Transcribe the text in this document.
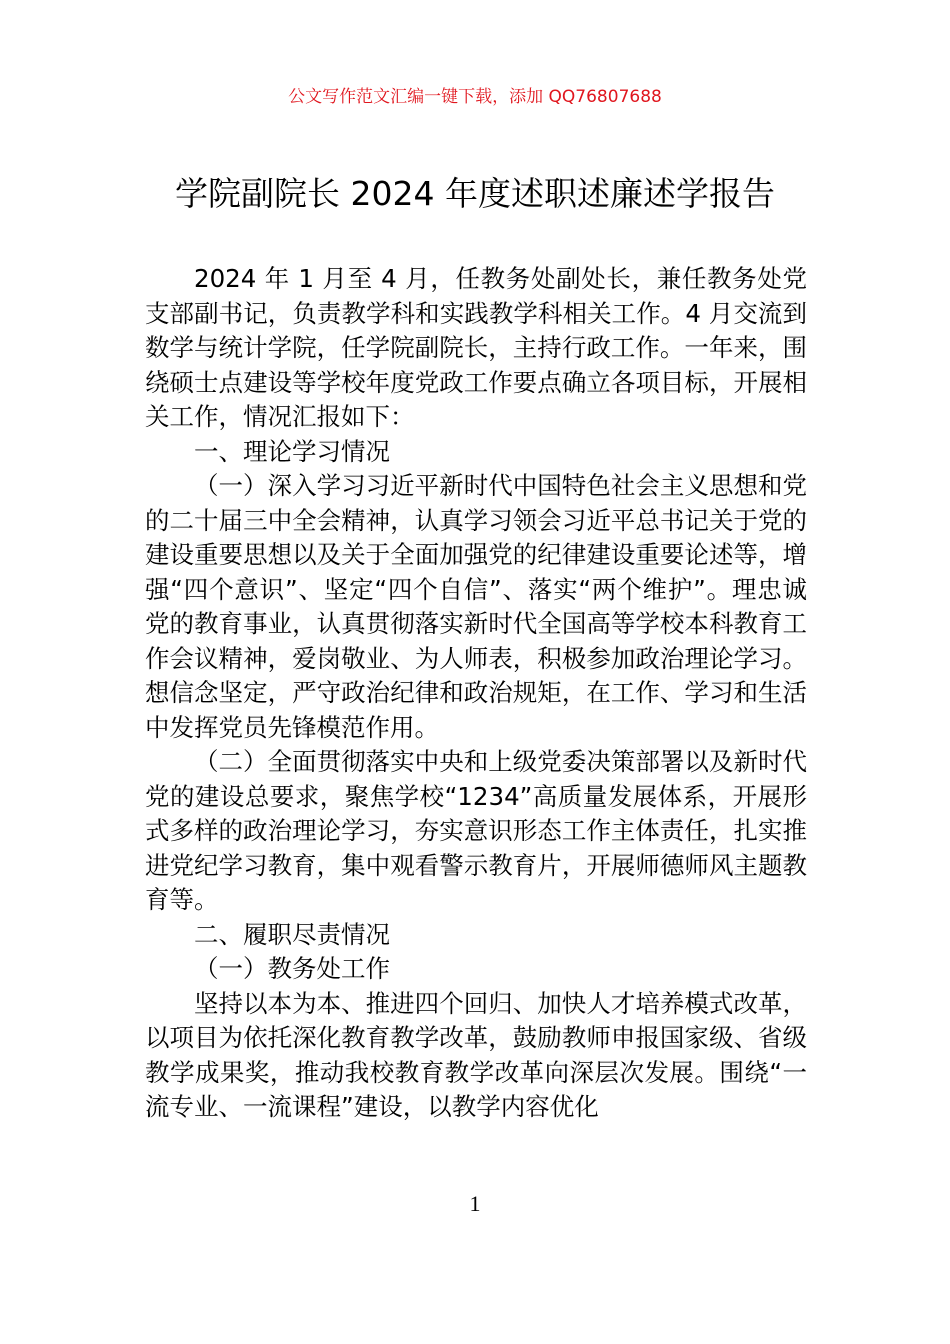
公文写作范文汇编一键下载，添加 QQ76807688
学院副院长 2024 年度述职述廉述学报告

2024 年 1 月至 4 月，任教务处副处长，兼任教务处党支部副书记，负责教学科和实践教学科相关工作。4 月交流到数学与统计学院，任学院副院长，主持行政工作。一年来，围绕硕士点建设等学校年度党政工作要点确立各项目标，开展相关工作，情况汇报如下：

一、理论学习情况

（一）深入学习习近平新时代中国特色社会主义思想和党的二十届三中全会精神，认真学习领会习近平总书记关于党的建设重要思想以及关于全面加强党的纪律建设重要论述等，增强“四个意识”、坚定“四个自信”、落实“两个维护”。理忠诚党的教育事业，认真贯彻落实新时代全国高等学校本科教育工作会议精神，爱岗敬业、为人师表，积极参加政治理论学习。想信念坚定，严守政治纪律和政治规矩，在工作、学习和生活中发挥党员先锋模范作用。

（二）全面贯彻落实中央和上级党委决策部署以及新时代党的建设总要求，聚焦学校“1234”高质量发展体系，开展形式多样的政治理论学习，夯实意识形态工作主体责任，扎实推进党纪学习教育，集中观看警示教育片，开展师德师风主题教育等。

二、履职尽责情况

（一）教务处工作

坚持以本为本、推进四个回归、加快人才培养模式改革，以项目为依托深化教育教学改革，鼓励教师申报国家级、省级教学成果奖，推动我校教育教学改革向深层次发展。围绕“一流专业、一流课程”建设，以教学内容优化

1
